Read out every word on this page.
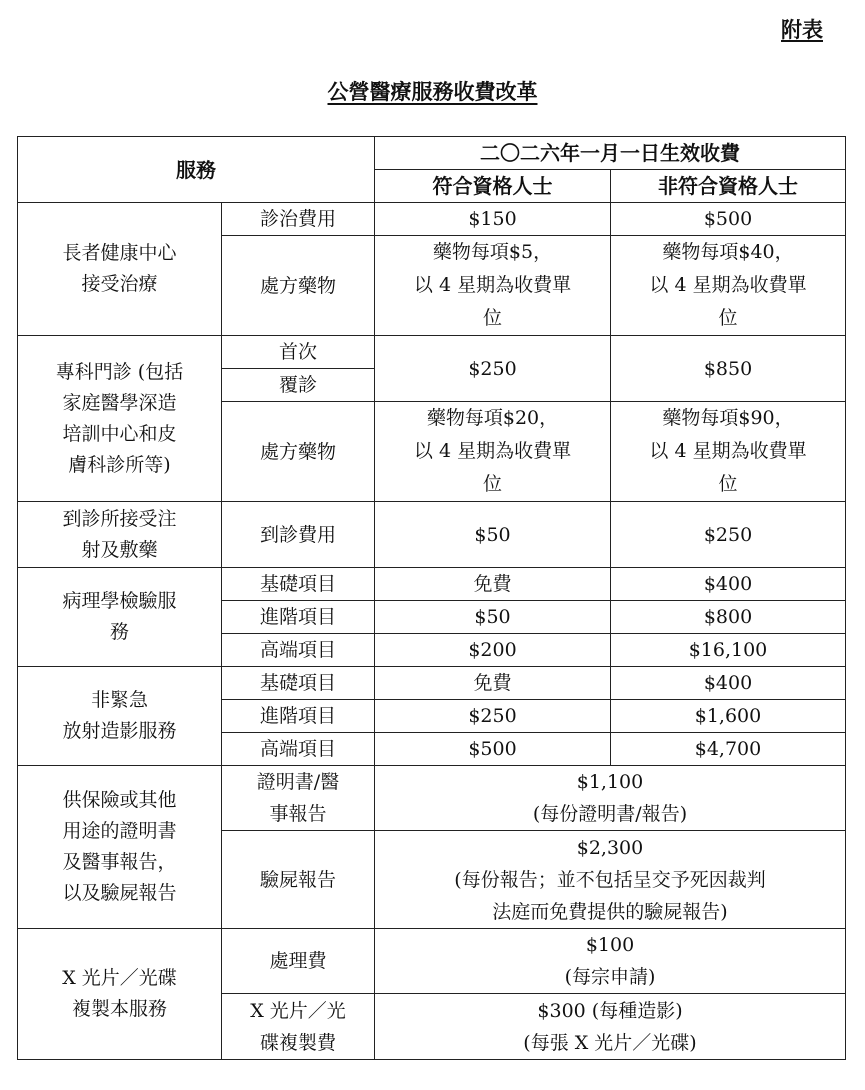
附表
公營醫療服務收費改革
服務		二〇二六年一月一日生效收費	
		符合資格人士	非符合資格人士

長者健康中心
接受治療	診治費用	$150	$500
	處方藥物	藥物每項$5，
以 4 星期為收費單
位	藥物每項$40，
以 4 星期為收費單
位

專科門診 (包括
家庭醫學深造
培訓中心和皮
膚科診所等)	首次	$250	$850
	覆診		
	處方藥物	藥物每項$20，
以 4 星期為收費單
位	藥物每項$90，
以 4 星期為收費單
位

到診所接受注
射及敷藥	到診費用	$50	$250

病理學檢驗服
務	基礎項目	免費	$400
	進階項目	$50	$800
	高端項目	$200	$16,100

非緊急
放射造影服務	基礎項目	免費	$400
	進階項目	$250	$1,600
	高端項目	$500	$4,700

供保險或其他
用途的證明書
及醫事報告，
以及驗屍報告	證明書/醫
事報告	$1,100
(每份證明書/報告)	

	驗屍報告	$2,300
(每份報告；並不包括呈交予死因裁判
法庭而免費提供的驗屍報告)	

X 光片／光碟
複製本服務	處理費	$100
(每宗申請)	

	X 光片／光
碟複製費	$300 (每種造影)
(每張 X 光片／光碟)	
